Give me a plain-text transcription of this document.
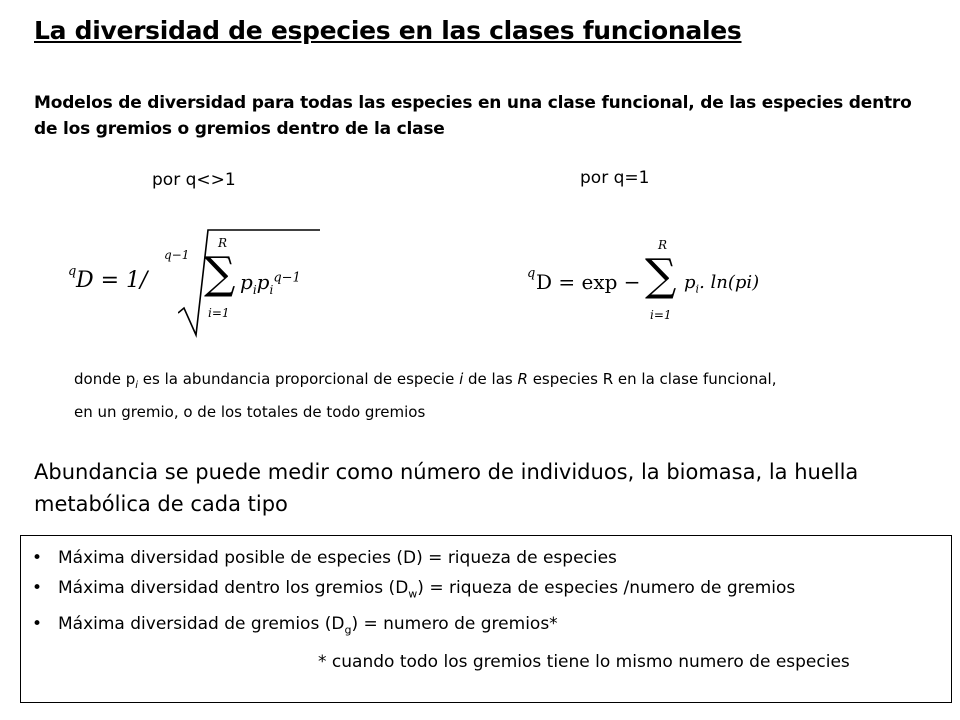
La diversidad de especies en las clases funcionales
Modelos de diversidad para todas las especies en una clase funcional, de las especies dentro de los gremios o gremios dentro de la clase
por q<>1	por q=1
q D = 1/
q−1
R
∑
i=1
$p_ip_i^{q-1}$	q D = exp −
R
∑
i=1
$p_i$. ln(pi)
donde $p_i$ es la abundancia proporcional de especie i de las R especies R en la clase funcional,
en un gremio, o de los totales de todo gremios
Abundancia se puede medir como número de individuos, la biomasa, la huella metabólica de cada tipo
• Máxima diversidad posible de especies (D) = riqueza de especies
• Máxima diversidad dentro los gremios $(D_w)$ = riqueza de especies /numero de gremios
• Máxima diversidad de gremios $(D_g)$ = numero de gremios*
* cuando todo los gremios tiene lo mismo numero de especies
